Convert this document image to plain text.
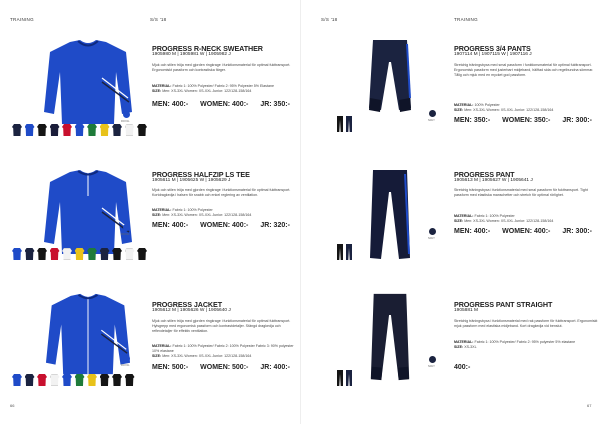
TRAINING	S/S '18
66
ROYAL
PROGRESS R-NECK SWEATHER
1905980 M | 1905981 W | 1905982 J
Mjuk och stilen tröja med gjorden ringkrage i funktionsmaterial för optimal fukttransport. Ergonomiskt passform och kontrastiska färger.
MATERIAL: Fabric 1: 100% Polyester/ Fabric 2: 95% Polyester 5% Elastane
SIZE: Men: XS-3XL Women: XS-XXL Junior: 122/128-158/164
MEN: 400:- WOMEN: 400:- JR: 350:-
ROYAL
PROGRESS HALFZIP LS TEE
1905611 M | 1905625 W | 1905629 J
Mjuk och stilen tröja med gjorden ringkrage i funktionsmaterial för optimal fukttransport. Kortdragkedja i halsen för snabb och enkel reglering av ventilation.
MATERIAL: Fabric 1: 100% Polyester
SIZE: Men: XS-3XL Women: XS-XXL Junior: 122/128-158/164
MEN: 400:- WOMEN: 400:- JR: 320:-
ROYAL
PROGRESS JACKET
1905612 M | 1905626 W | 1905640 J
Mjuk och stilen tröja med gjorden ringkrage i funktionsmaterial för optimal fukttransport. Hylsgrepp med ergonomisk passform och kontrastdetaljer. Stängd dragkedja och reflexdetaljer för effektiv ventilation.
MATERIAL: Fabric 1: 100% Polyester/ Fabric 2: 100% Polyester Fabric 3: 90% polyester 10% elastane
SIZE: Men: XS-3XL Women: XS-XXL Junior: 122/128-158/164
MEN: 500:- WOMEN: 500:- JR: 400:-
S/S '18	TRAINING
67
NAVY
PROGRESS 3/4 PANTS
1907114 M | 1907115 W | 1907116 J
Stretchig träningsbyxa med smal passform i funktionsmaterial för optimal fukttransport. Ergonomisk passform med justerbart midjeband, hälftad sida och regelbundna sömmar. Tålig och mjuk med en mycket god passform.
MATERIAL: 100% Polyester
SIZE: Men: XS-3XL Women: XS-XXL Junior: 122/128-158/164
MEN: 350:- WOMEN: 350:- JR: 300:-
NAVY
PROGRESS PANT
1905613 M | 1905627 W | 1905641 J
Stretchig träningsbyxa i funktionsmaterial med smal passform för fukttransport. Tight passform med elastiska manschetter och stretch för optimal rörlighet.
MATERIAL: Fabric 1: 100% Polyester
SIZE: Men: XS-3XL Women: XS-XXL Junior: 122/128-158/164
MEN: 400:- WOMEN: 400:- JR: 300:-
NAVY
PROGRESS PANT STRAIGHT
1905881 M
Stretchig träningsbyxa i funktionsmaterial med rak passform för fukttransport. Ergonomiskt mjuk passform med elastiska midjeband. Kort dragkedja vid benslut.
MATERIAL: Fabric 1: 100% Polyester/ Fabric 2: 95% polyester 5% elastane
SIZE: XS-3XL
400:-
